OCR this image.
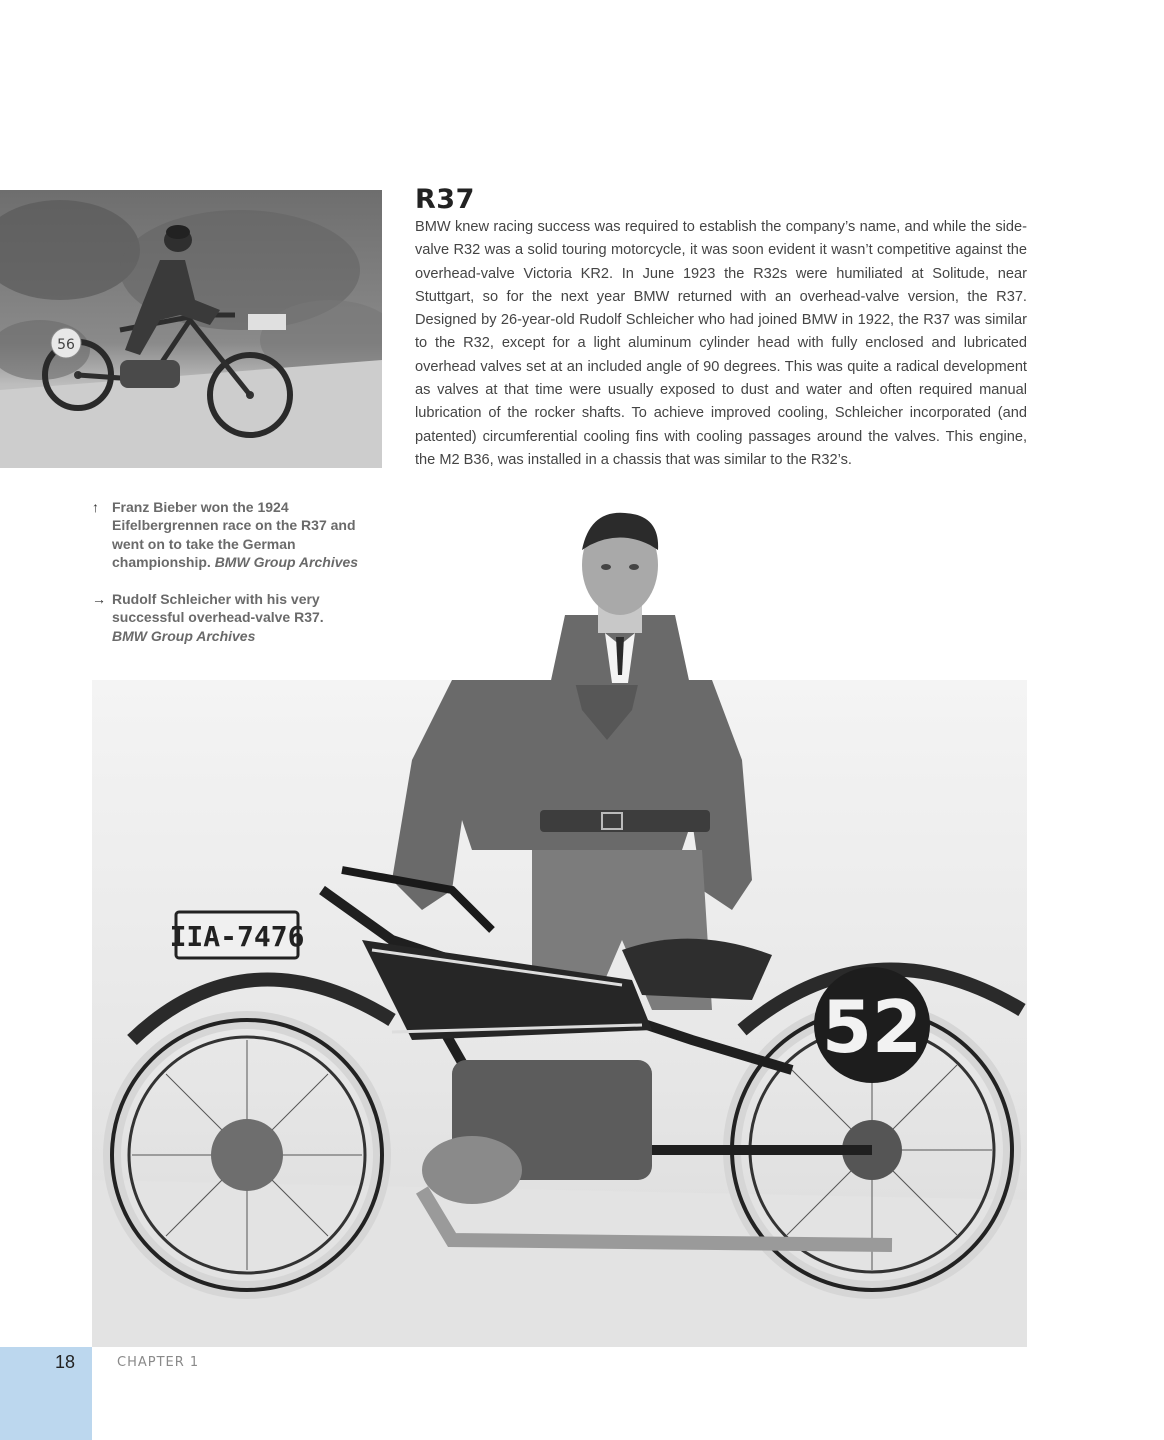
56
R37

BMW knew racing success was required to establish the company’s name, and while the side-valve R32 was a solid touring motorcycle, it was soon evident it wasn’t competitive against the overhead-valve Victoria KR2. In June 1923 the R32s were humiliated at Solitude, near Stuttgart, so for the next year BMW returned with an overhead-valve version, the R37. Designed by 26-year-old Rudolf Schleicher who had joined BMW in 1922, the R37 was similar to the R32, except for a light aluminum cylinder head with fully enclosed and lubricated overhead valves set at an included angle of 90 degrees. This was quite a radical development as valves at that time were usually exposed to dust and water and often required manual lubrication of the rocker shafts. To achieve improved cooling, Schleicher incorporated (and patented) circumferential cooling fins with cooling passages around the valves. This engine, the M2 B36, was installed in a chassis that was similar to the R32’s.

↑ Franz Bieber won the 1924 Eifelbergrennen race on the R37 and went on to take the German championship. BMW Group Archives
→ Rudolf Schleicher with his very successful overhead-valve R37.
BMW Group Archives
IIA-7476
52
18	CHAPTER 1
